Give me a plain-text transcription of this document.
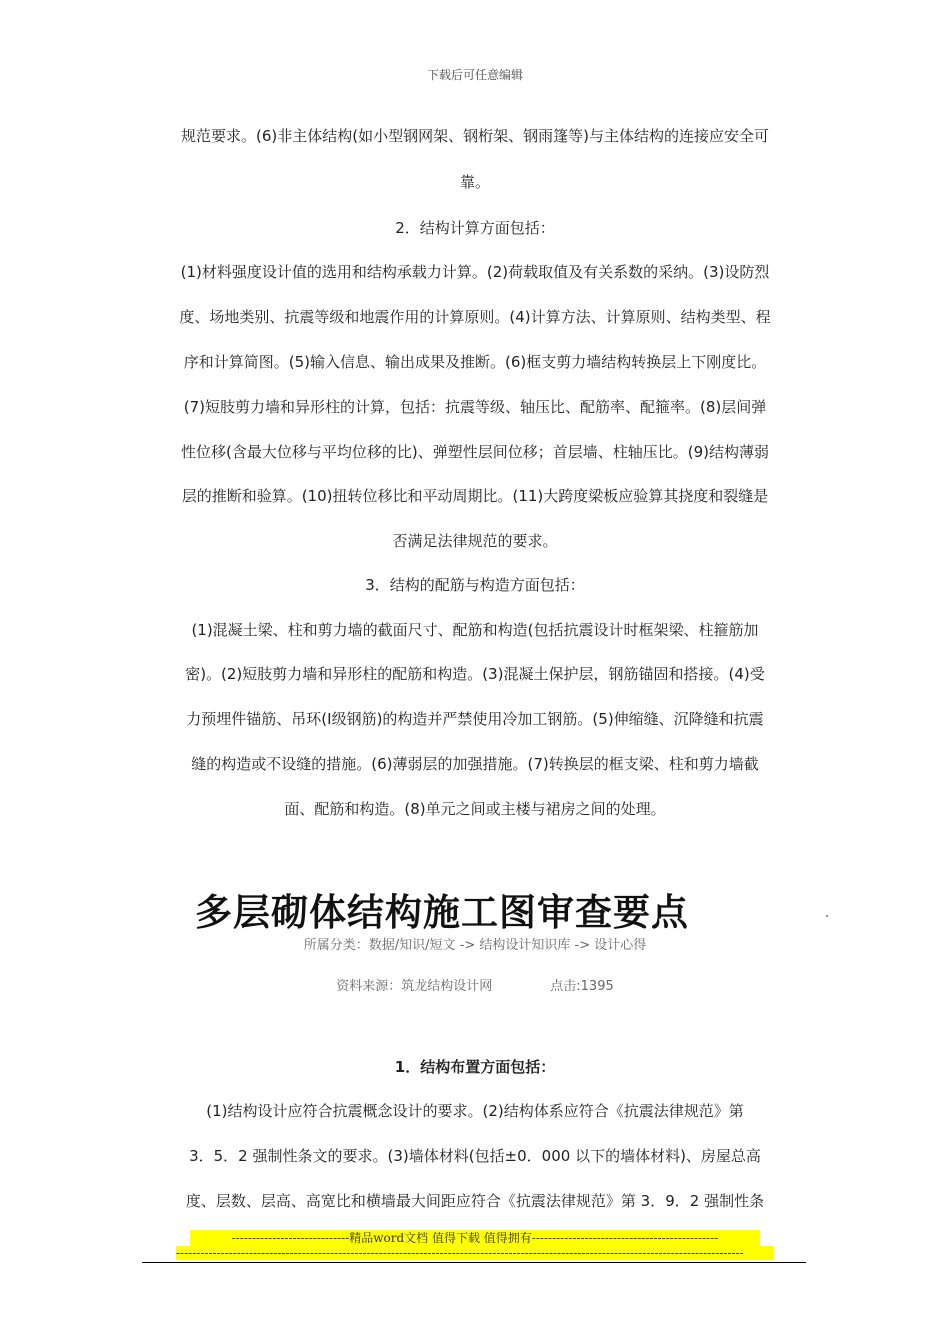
下载后可任意编辑
规范要求。(6)非主体结构(如小型钢网架、钢桁架、钢雨篷等)与主体结构的连接应安全可
靠。
2．结构计算方面包括：
(1)材料强度设计值的选用和结构承载力计算。(2)荷载取值及有关系数的采纳。(3)设防烈
度、场地类别、抗震等级和地震作用的计算原则。(4)计算方法、计算原则、结构类型、程
序和计算简图。(5)输入信息、输出成果及推断。(6)框支剪力墙结构转换层上下刚度比。
(7)短肢剪力墙和异形柱的计算，包括：抗震等级、轴压比、配筋率、配箍率。(8)层间弹
性位移(含最大位移与平均位移的比)、弹塑性层间位移；首层墙、柱轴压比。(9)结构薄弱
层的推断和验算。(10)扭转位移比和平动周期比。(11)大跨度梁板应验算其挠度和裂缝是
否满足法律规范的要求。
3．结构的配筋与构造方面包括：
(1)混凝土梁、柱和剪力墙的截面尺寸、配筋和构造(包括抗震设计时框架梁、柱箍筋加
密)。(2)短肢剪力墙和异形柱的配筋和构造。(3)混凝土保护层，钢筋锚固和搭接。(4)受
力预埋件锚筋、吊环(I级钢筋)的构造并严禁使用冷加工钢筋。(5)伸缩缝、沉降缝和抗震
缝的构造或不设缝的措施。(6)薄弱层的加强措施。(7)转换层的框支梁、柱和剪力墙截
面、配筋和构造。(8)单元之间或主楼与裙房之间的处理。
多层砌体结构施工图审查要点
所属分类：数据/知识/短文 -> 结构设计知识库 -> 设计心得
资料来源：筑龙结构设计网	点击:1395
1．结构布置方面包括：
(1)结构设计应符合抗震概念设计的要求。(2)结构体系应符合《抗震法律规范》第
3．5．2 强制性条文的要求。(3)墙体材料(包括±0．000 以下的墙体材料)、房屋总高
度、层数、层高、高宽比和横墙最大间距应符合《抗震法律规范》第 3．9．2 强制性条
-----------------------------精品word文档 值得下载 值得拥有----------------------------------------------
--------------------------------------------------------------------------------------------------------------------------------------------
